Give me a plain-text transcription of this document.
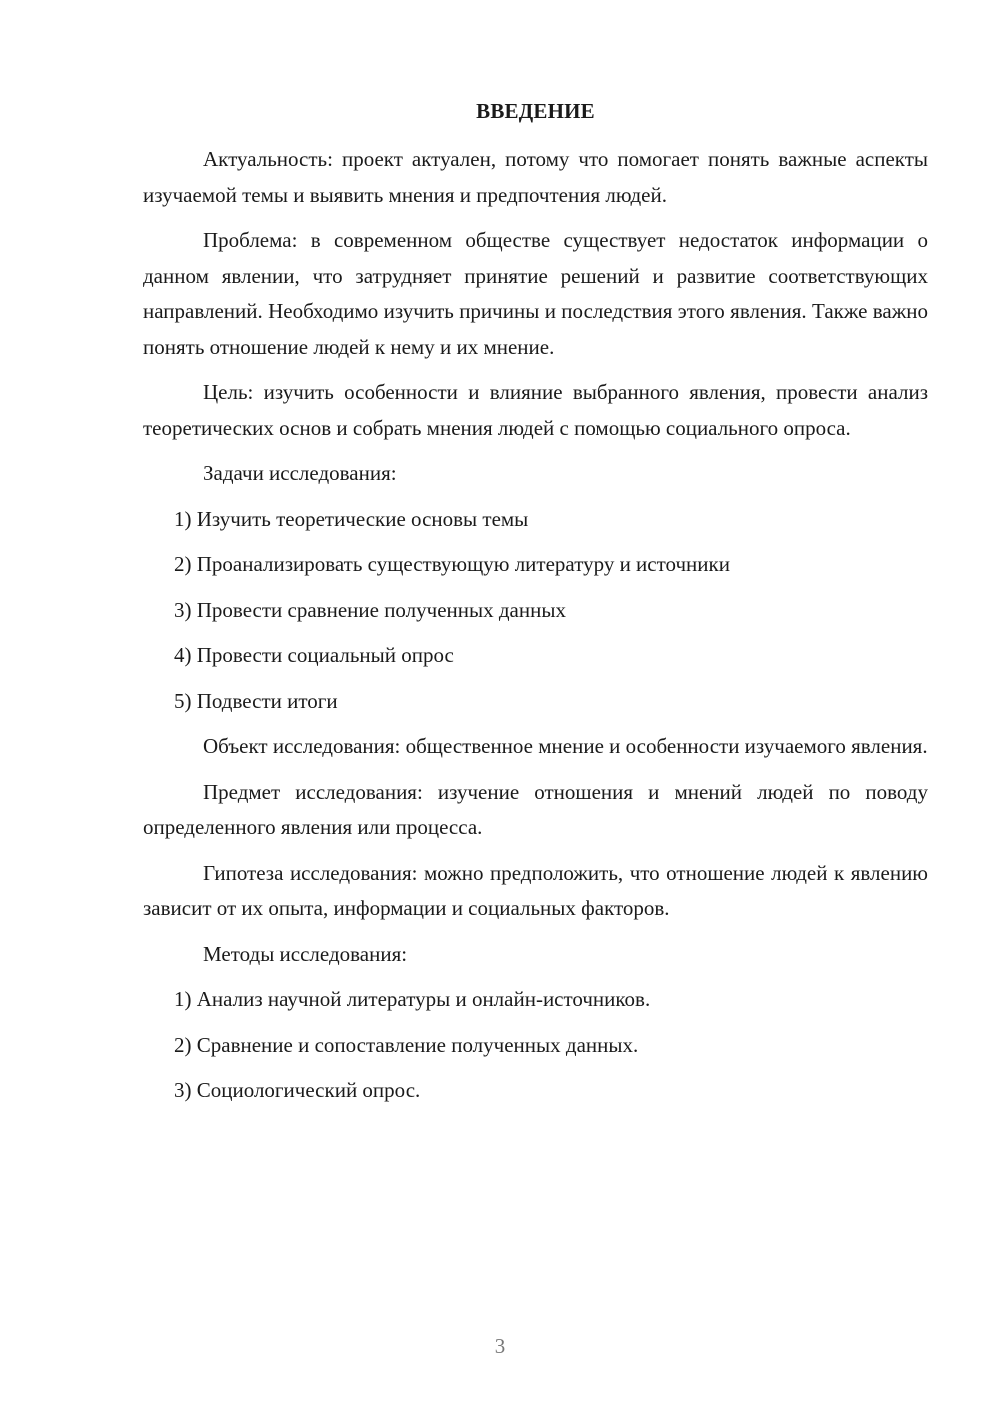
ВВЕДЕНИЕ

Актуальность: проект актуален, потому что помогает понять важные аспекты изучаемой темы и выявить мнения и предпочтения людей.

Проблема: в современном обществе существует недостаток информации о данном явлении, что затрудняет принятие решений и развитие соответствующих направлений. Необходимо изучить причины и последствия этого явления. Также важно понять отношение людей к нему и их мнение.

Цель: изучить особенности и влияние выбранного явления, провести анализ теоретических основ и собрать мнения людей с помощью социального опроса.

Задачи исследования:

1) Изучить теоретические основы темы
2) Проанализировать существующую литературу и источники
3) Провести сравнение полученных данных
4) Провести социальный опрос
5) Подвести итоги

Объект исследования: общественное мнение и особенности изучаемого явления.

Предмет исследования: изучение отношения и мнений людей по поводу определенного явления или процесса.

Гипотеза исследования: можно предположить, что отношение людей к явлению зависит от их опыта, информации и социальных факторов.

Методы исследования:

1) Анализ научной литературы и онлайн-источников.
2) Сравнение и сопоставление полученных данных.
3) Социологический опрос.
3
